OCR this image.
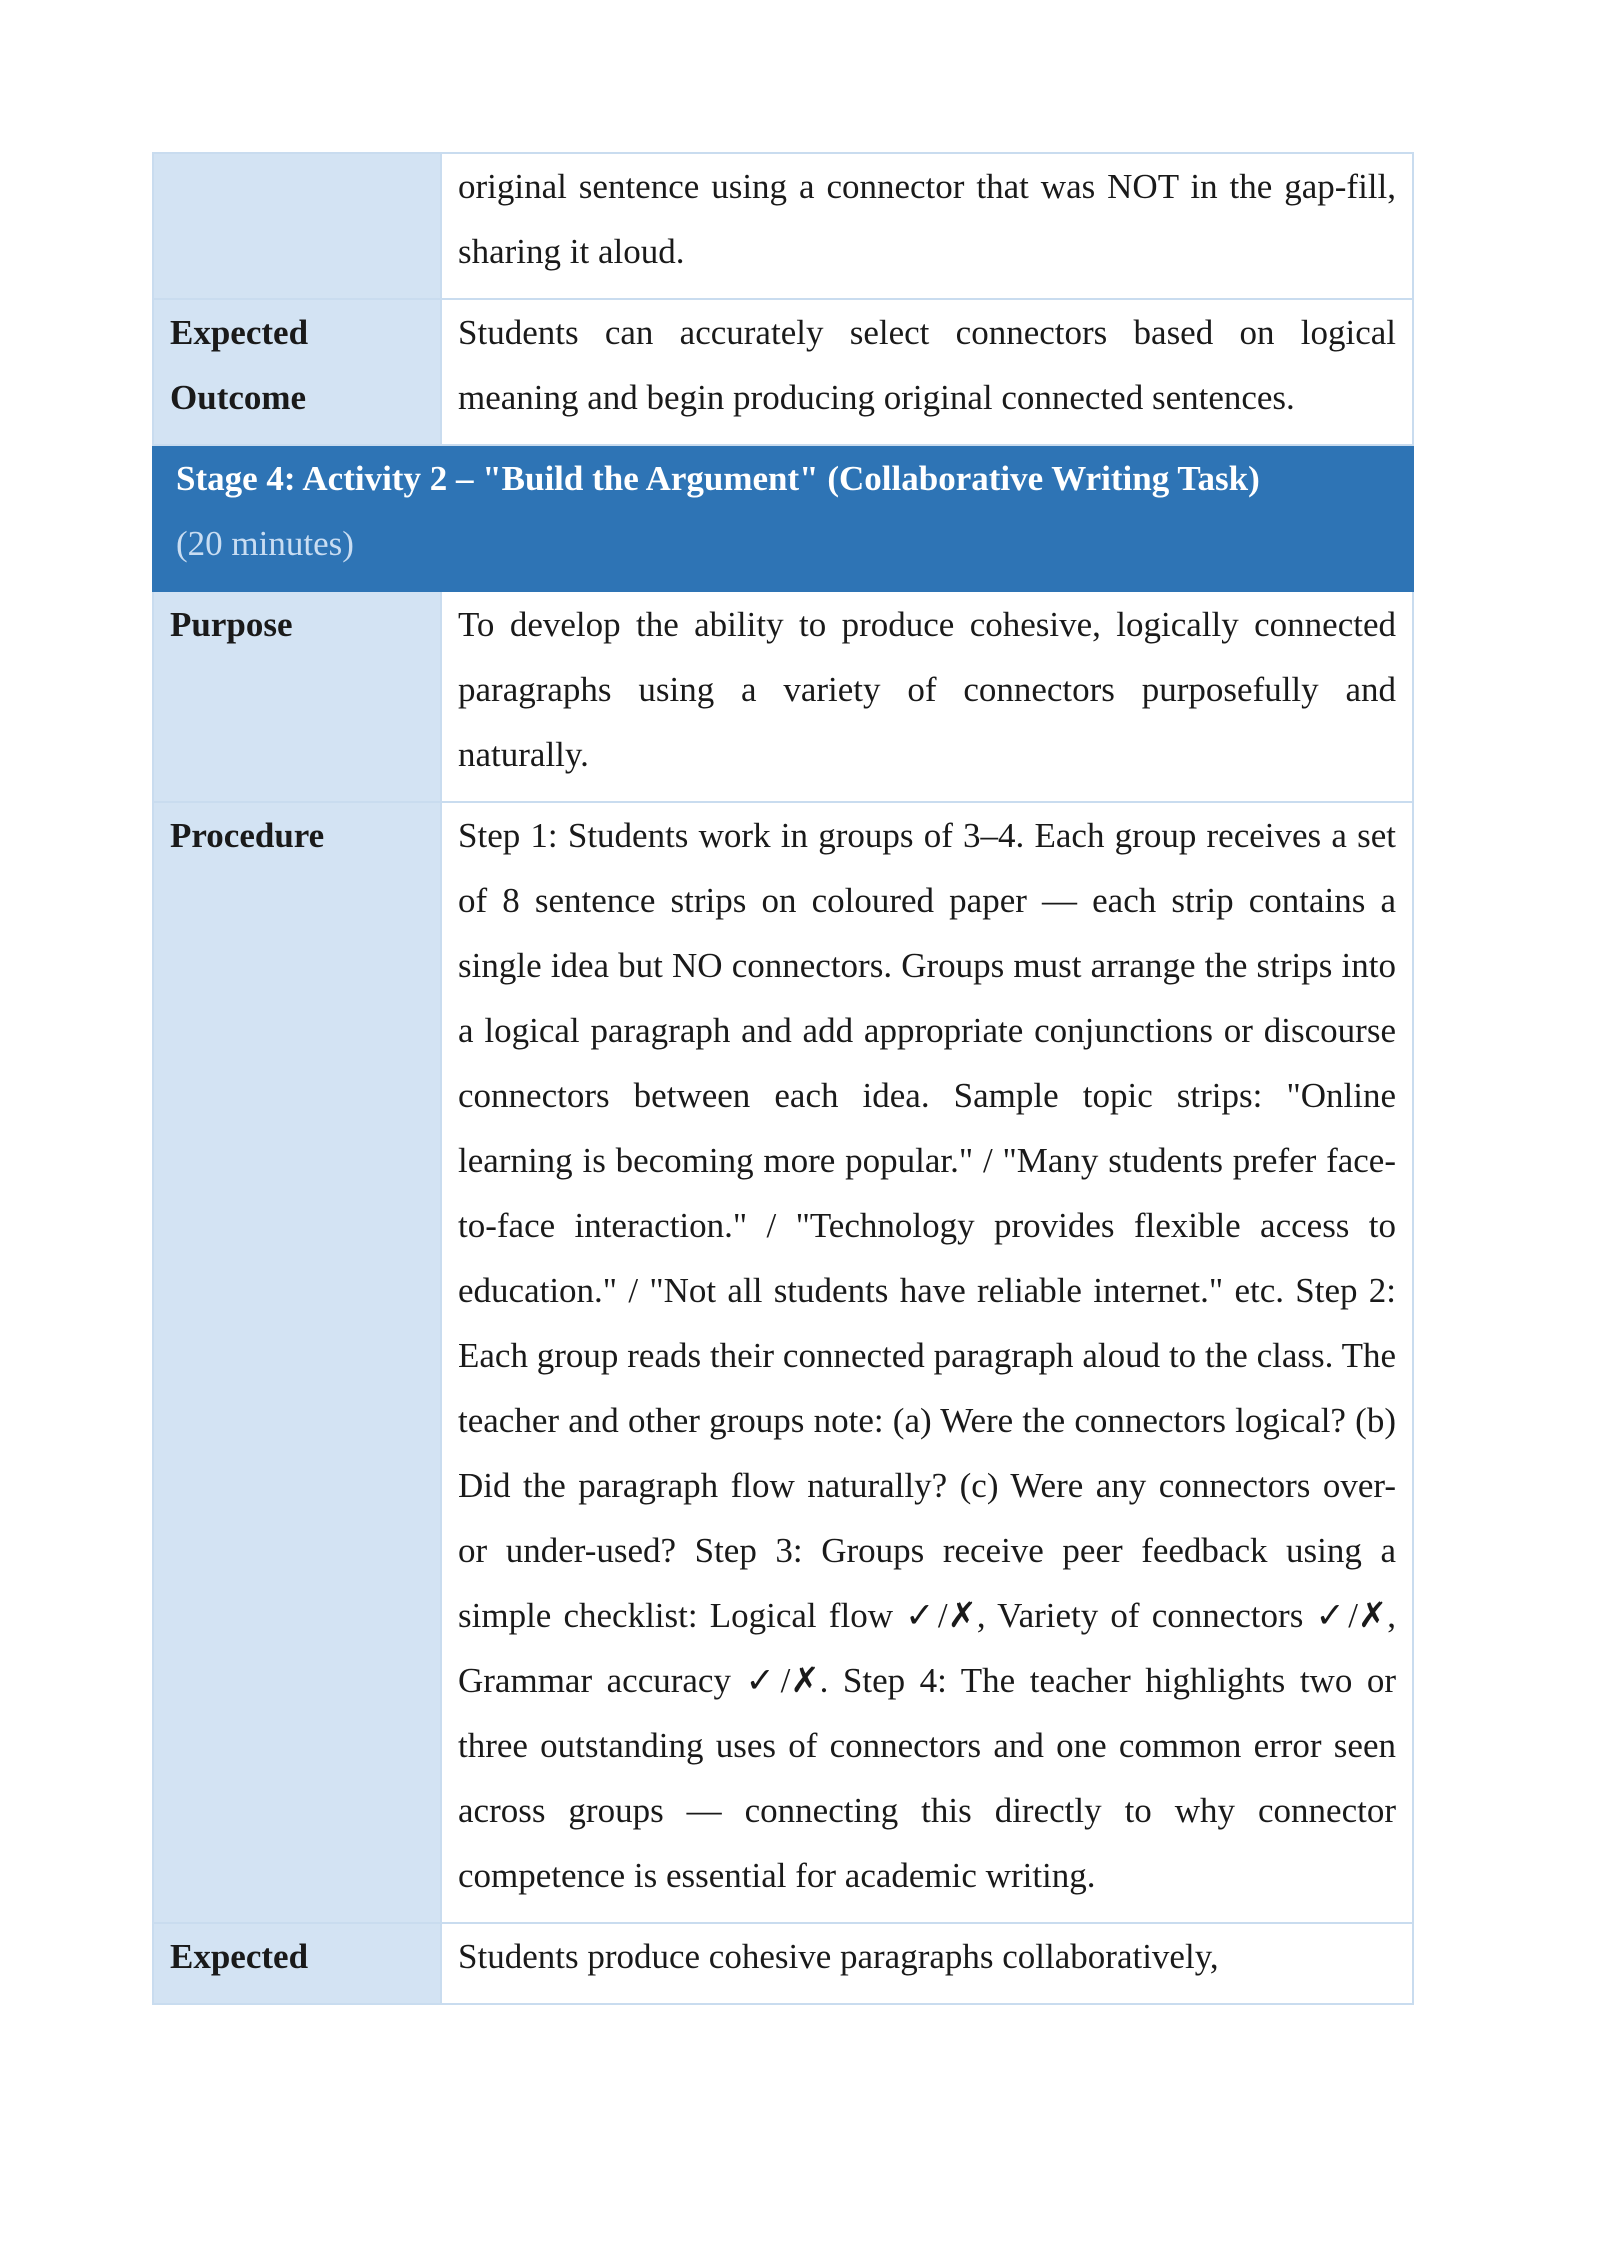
	original sentence using a connector that was NOT in the gap-fill, sharing it aloud.

Expected
Outcome	Students can accurately select connectors based on logical meaning and begin producing original connected sentences.
Stage 4: Activity 2 – "Build the Argument" (Collaborative Writing Task)
(20 minutes)	

Purpose	To develop the ability to produce cohesive, logically connected paragraphs using a variety of connectors purposefully and naturally.
Procedure	Step 1: Students work in groups of 3–4. Each group receives a set of 8 sentence strips on coloured paper — each strip contains a single idea but NO connectors. Groups must arrange the strips into a logical paragraph and add appropriate conjunctions or discourse connectors between each idea. Sample topic strips: "Online learning is becoming more popular." / "Many students prefer face-to-face interaction." / "Technology provides flexible access to education." / "Not all students have reliable internet." etc. Step 2: Each group reads their connected paragraph aloud to the class. The teacher and other groups note: (a) Were the connectors logical? (b) Did the paragraph flow naturally? (c) Were any connectors over- or under-used? Step 3: Groups receive peer feedback using a simple checklist: Logical flow ✓/✗, Variety of connectors ✓/✗, Grammar accuracy ✓/✗. Step 4: The teacher highlights two or three outstanding uses of connectors and one common error seen across groups — connecting this directly to why connector competence is essential for academic writing.
Expected	Students produce cohesive paragraphs collaboratively,
